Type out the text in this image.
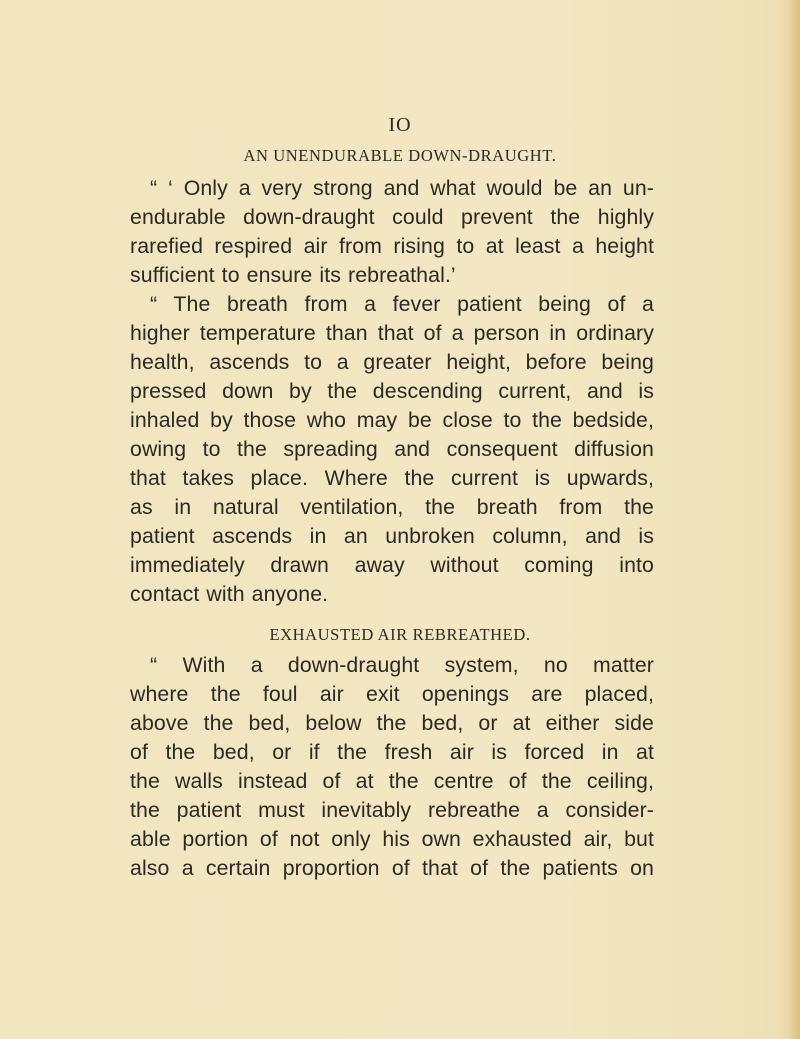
IO
AN UNENDURABLE DOWN-DRAUGHT.
“ ‘ Only a very strong and what would be an un-
endurable down-draught could prevent the highly
rarefied respired air from rising to at least a height
sufficient to ensure its rebreathal.’
“ The breath from a fever patient being of a
higher temperature than that of a person in ordinary
health, ascends to a greater height, before being
pressed down by the descending current, and is
inhaled by those who may be close to the bedside,
owing to the spreading and consequent diffusion
that takes place. Where the current is upwards,
as in natural ventilation, the breath from the
patient ascends in an unbroken column, and is
immediately drawn away without coming into
contact with anyone.
EXHAUSTED AIR REBREATHED.
“ With a down-draught system, no matter
where the foul air exit openings are placed,
above the bed, below the bed, or at either side
of the bed, or if the fresh air is forced in at
the walls instead of at the centre of the ceiling,
the patient must inevitably rebreathe a consider-
able portion of not only his own exhausted air, but
also a certain proportion of that of the patients on
